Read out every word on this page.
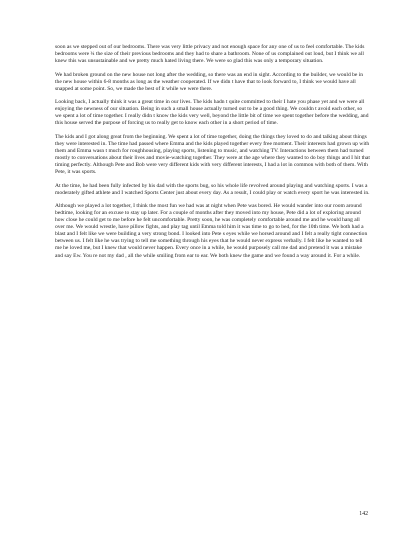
soon as we stepped out of our bedrooms. There was very little privacy and not enough space for any one of us to feel comfortable. The kids bedrooms were ¼ the size of their previous bedrooms and they had to share a bathroom. None of us complained out loud, but I think we all knew this was unsustainable and we pretty much hated living there. We were so glad this was only a temporary situation.

We had broken ground on the new house not long after the wedding, so there was an end in sight. According to the builder, we would be in the new house within 6-8 months as long as the weather cooperated. If we didn t have that to look forward to, I think we would have all snapped at some point. So, we made the best of it while we were there.

Looking back, I actually think it was a great time in our lives. The kids hadn t quite committed to their I hate you phase yet and we were all enjoying the newness of our situation. Being in such a small house actually turned out to be a good thing. We couldn t avoid each other, so we spent a lot of time together. I really didn t know the kids very well, beyond the little bit of time we spent together before the wedding, and this house served the purpose of forcing us to really get to know each other in a short period of time.

The kids and I got along great from the beginning. We spent a lot of time together, doing the things they loved to do and talking about things they were interested in. The time had passed where Emma and the kids played together every free moment. Their interests had grown up with them and Emma wasn t much for roughhousing, playing sports, listening to music, and watching TV. Interactions between them had turned mostly to conversations about their lives and movie-watching together. They were at the age where they wanted to do boy things and I hit that timing perfectly. Although Pete and Bob were very different kids with very different interests, I had a lot in common with both of them. With Pete, it was sports.

At the time, he had been fully infected by his dad with the sports bug, so his whole life revolved around playing and watching sports. I was a moderately gifted athlete and I watched Sports Center just about every day. As a result, I could play or watch every sport he was interested in.

Although we played a lot together, I think the most fun we had was at night when Pete was bored. He would wander into our room around bedtime, looking for an excuse to stay up later. For a couple of months after they moved into my house, Pete did a lot of exploring around how close he could get to me before he felt uncomfortable. Pretty soon, he was completely comfortable around me and he would hang all over me. We would wrestle, have pillow fights, and play tag until Emma told him it was time to go to bed, for the 10th time. We both had a blast and I felt like we were building a very strong bond. I looked into Pete s eyes while we horsed around and I felt a really tight connection between us. I felt like he was trying to tell me something through his eyes that he would never express verbally. I felt like he wanted to tell me he loved me, but I knew that would never happen. Every once in a while, he would purposely call me dad and pretend it was a mistake and say Ew. You re not my dad , all the while smiling from ear to ear. We both knew the game and we found a way around it. For a while.

142
